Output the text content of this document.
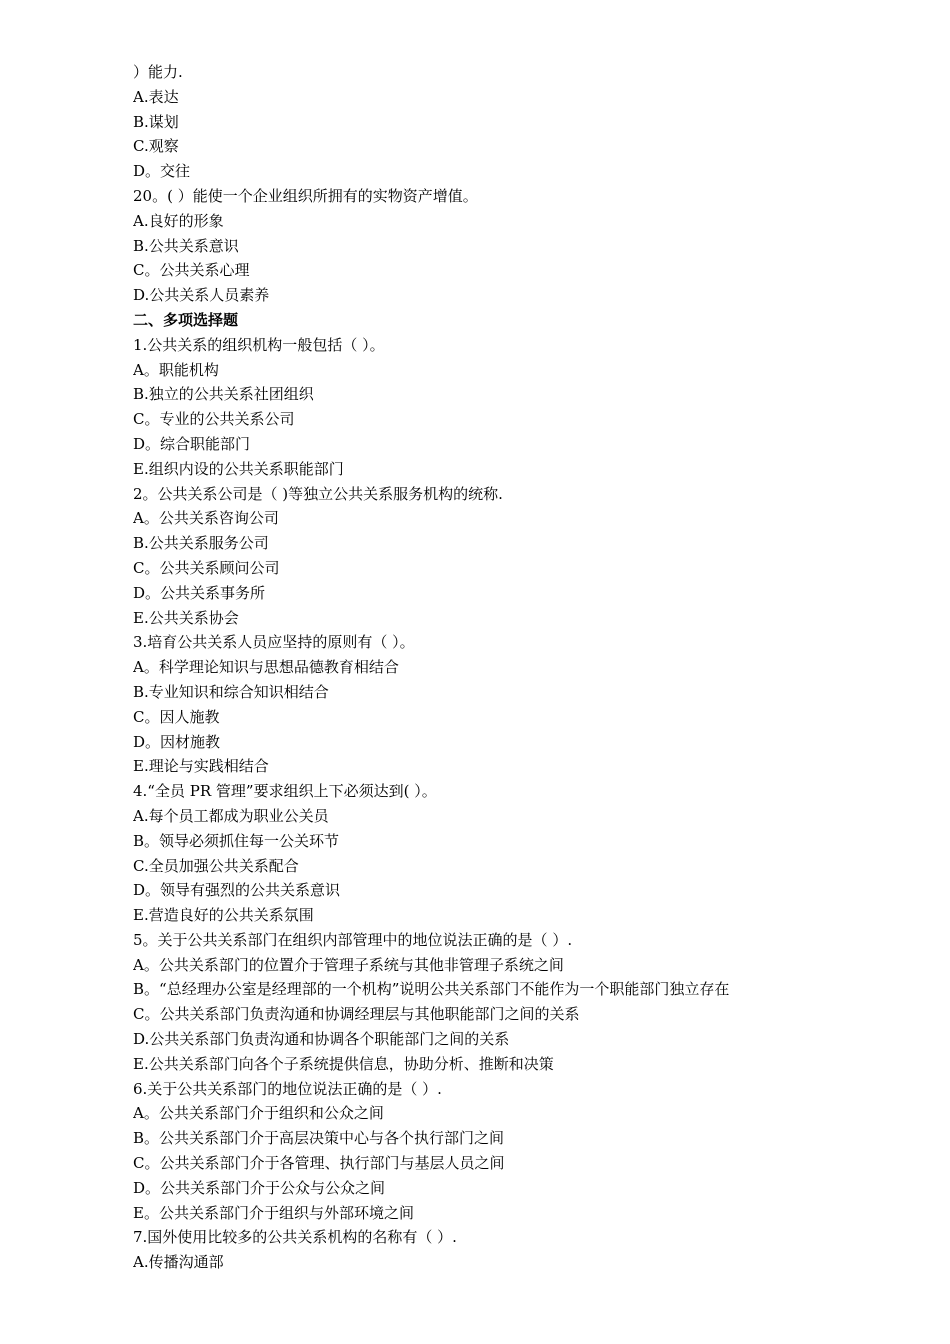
）能力.
A.表达
B.谋划
C.观察
D。交往
20。( ）能使一个企业组织所拥有的实物资产增值。
A.良好的形象
B.公共关系意识
C。公共关系心理
D.公共关系人员素养
二、多项选择题
1.公共关系的组织机构一般包括（ ）。
A。职能机构
B.独立的公共关系社团组织
C。专业的公共关系公司
D。综合职能部门
E.组织内设的公共关系职能部门
2。公共关系公司是（ )等独立公共关系服务机构的统称.
A。公共关系咨询公司
B.公共关系服务公司
C。公共关系顾问公司
D。公共关系事务所
E.公共关系协会
3.培育公共关系人员应坚持的原则有（ ）。
A。科学理论知识与思想品德教育相结合
B.专业知识和综合知识相结合
C。因人施教
D。因材施教
E.理论与实践相结合
4.“全员 PR 管理”要求组织上下必须达到( ）。
A.每个员工都成为职业公关员
B。领导必须抓住每一公关环节
C.全员加强公共关系配合
D。领导有强烈的公共关系意识
E.营造良好的公共关系氛围
5。关于公共关系部门在组织内部管理中的地位说法正确的是（ ）.
A。公共关系部门的位置介于管理子系统与其他非管理子系统之间
B。“总经理办公室是经理部的一个机构”说明公共关系部门不能作为一个职能部门独立存在
C。公共关系部门负责沟通和协调经理层与其他职能部门之间的关系
D.公共关系部门负责沟通和协调各个职能部门之间的关系
E.公共关系部门向各个子系统提供信息，协助分析、推断和决策
6.关于公共关系部门的地位说法正确的是（ ）.
A。公共关系部门介于组织和公众之间
B。公共关系部门介于高层决策中心与各个执行部门之间
C。公共关系部门介于各管理、执行部门与基层人员之间
D。公共关系部门介于公众与公众之间
E。公共关系部门介于组织与外部环境之间
7.国外使用比较多的公共关系机构的名称有（ ）.
A.传播沟通部
